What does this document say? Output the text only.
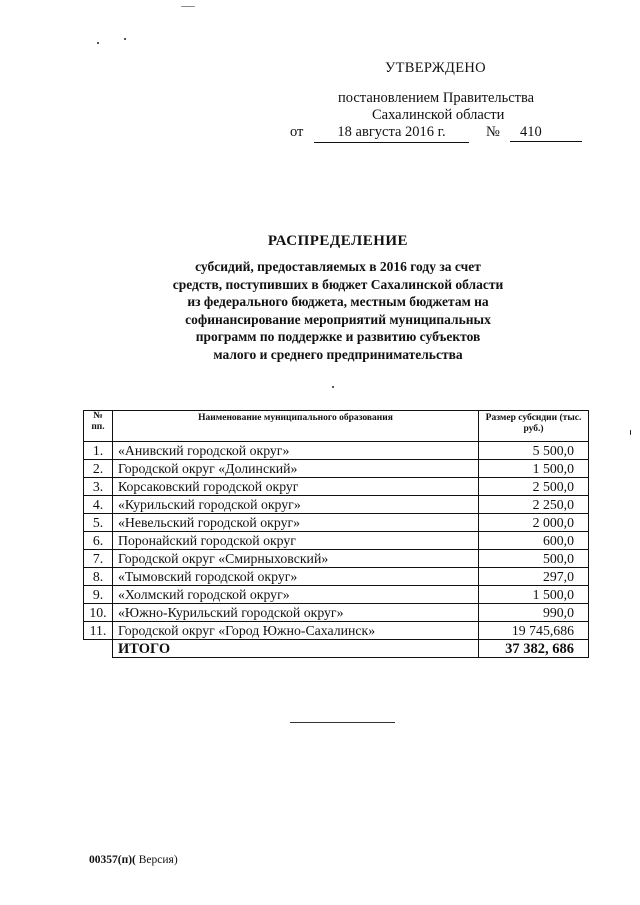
УТВЕРЖДЕНО
постановлением Правительства
Сахалинской области
от	18 августа 2016 г.	№	410
РАСПРЕДЕЛЕНИЕ
субсидий, предоставляемых в 2016 году за счет
средств, поступивших в бюджет Сахалинской области
из федерального бюджета, местным бюджетам на
софинансирование мероприятий муниципальных
программ по поддержке и развитию субъектов
малого и среднего предпринимательства
№ пп.	Наименование муниципального образования	Размер субсидии (тыс. руб.)
1.	«Анивский городской округ»	5 500,0
2.	Городской округ «Долинский»	1 500,0
3.	Корсаковский городской округ	2 500,0
4.	«Курильский городской округ»	2 250,0
5.	«Невельский городской округ»	2 000,0
6.	Поронайский городской округ	600,0
7.	Городской округ «Смирныховский»	500,0
8.	«Тымовский городской округ»	297,0
9.	«Холмский городской округ»	1 500,0
10.	«Южно-Курильский городской округ»	990,0
11.	Городской округ «Город Южно-Сахалинск»	19 745,686
	ИТОГО	37 382, 686
00357(п)( Версия)
